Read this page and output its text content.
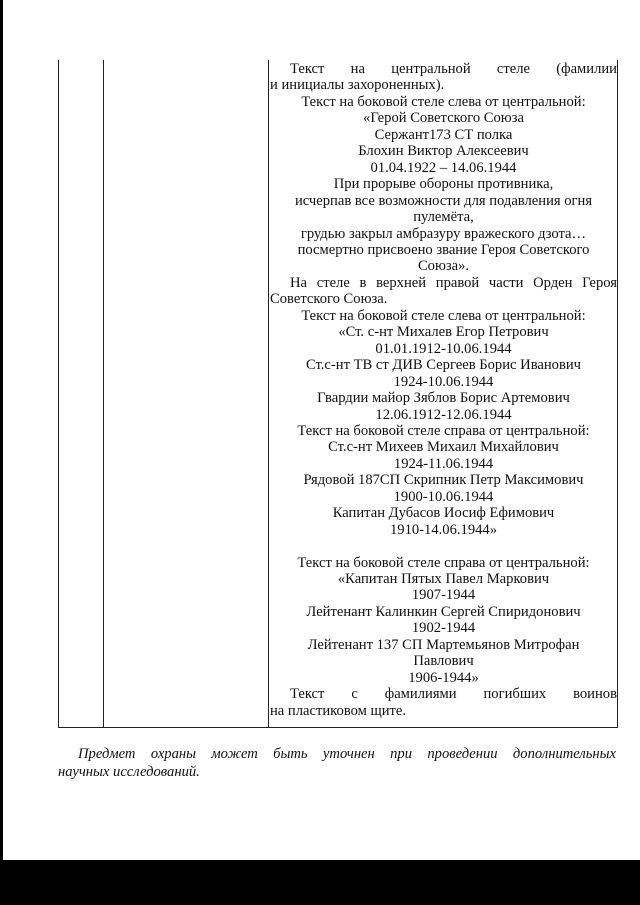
Текст на центральной стеле (фамилии
и инициалы захороненных).
Текст на боковой стеле слева от центральной:
«Герой Советского Союза
Сержант173 СТ полка
Блохин Виктор Алексеевич
01.04.1922 – 14.06.1944
При прорыве обороны противника,
исчерпав все возможности для подавления огня
пулемёта,
грудью закрыл амбразуру вражеского дзота…
посмертно присвоено звание Героя Советского
Союза».
На стеле в верхней правой части Орден Героя
Советского Союза.
Текст на боковой стеле слева от центральной:
«Ст. с-нт Михалев Егор Петрович
01.01.1912-10.06.1944
Ст.с-нт ТВ ст ДИВ Сергеев Борис Иванович
1924-10.06.1944
Гвардии майор Зяблов Борис Артемович
12.06.1912-12.06.1944
Текст на боковой стеле справа от центральной:
Ст.с-нт Михеев Михаил Михайлович
1924-11.06.1944
Рядовой 187СП Скрипник Петр Максимович
1900-10.06.1944
Капитан Дубасов Иосиф Ефимович
1910-14.06.1944»
Текст на боковой стеле справа от центральной:
«Капитан Пятых Павел Маркович
1907-1944
Лейтенант Калинкин Сергей Спиридонович
1902-1944
Лейтенант 137 СП Мартемьянов Митрофан
Павлович
1906-1944»
Текст с фамилиями погибших воинов
на пластиковом щите.
Предмет охраны может быть уточнен при проведении дополнительных
научных исследований.
